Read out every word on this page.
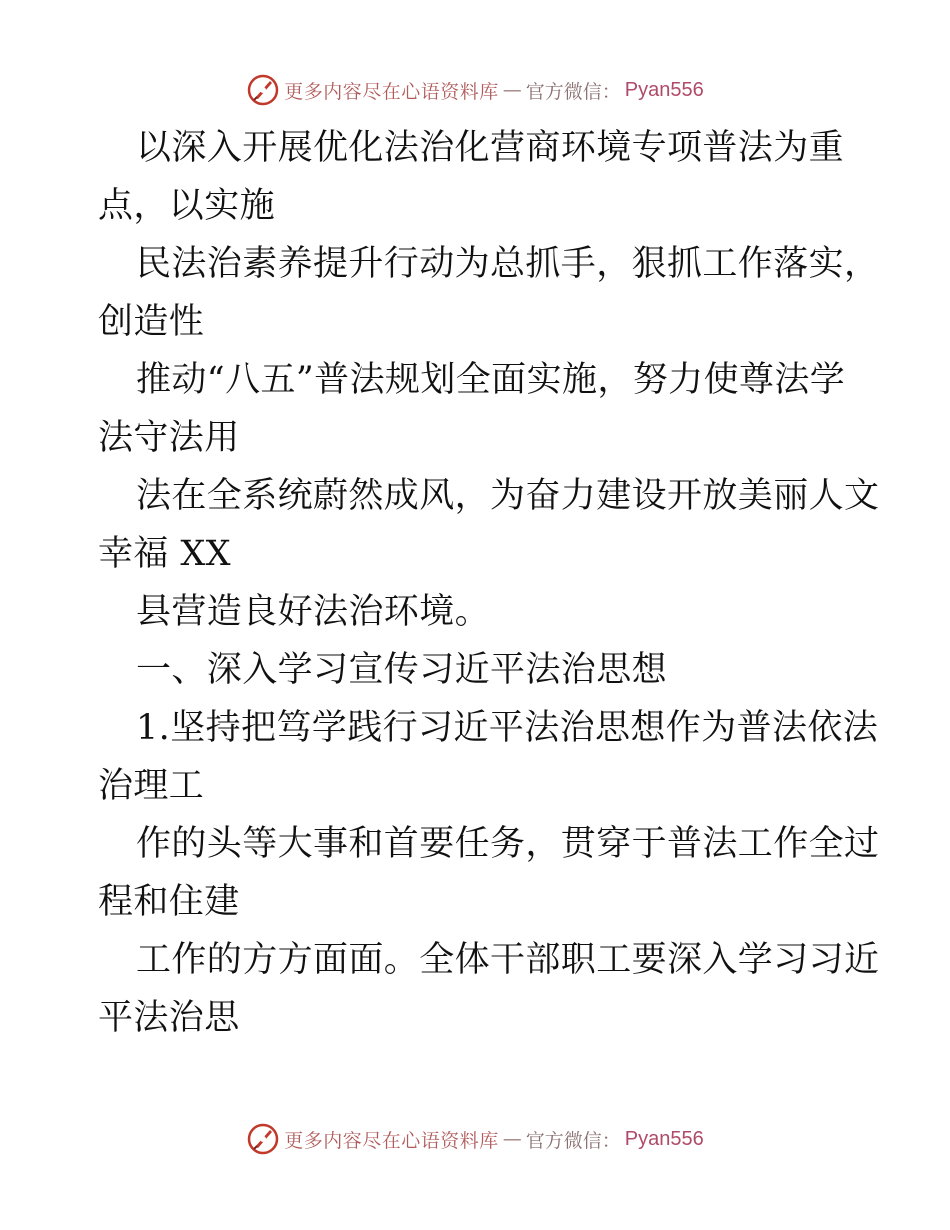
更多内容尽在心语资料库 — 官方微信： Pyan556
以深入开展优化法治化营商环境专项普法为重
点，以实施
民法治素养提升行动为总抓手，狠抓工作落实，
创造性
推动“八五”普法规划全面实施，努力使尊法学
法守法用
法在全系统蔚然成风，为奋力建设开放美丽人文
幸福 XX
县营造良好法治环境。
一、深入学习宣传习近平法治思想
1.坚持把笃学践行习近平法治思想作为普法依法
治理工
作的头等大事和首要任务，贯穿于普法工作全过
程和住建
工作的方方面面。全体干部职工要深入学习习近
平法治思
更多内容尽在心语资料库 — 官方微信： Pyan556
